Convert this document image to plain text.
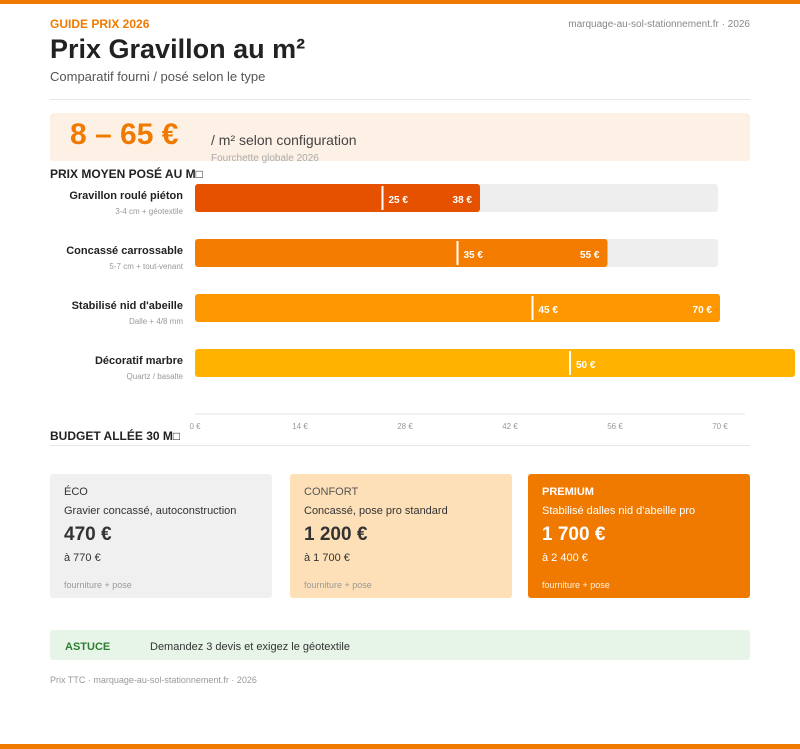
GUIDE PRIX 2026	marquage-au-sol-stationnement.fr · 2026
Prix Gravillon au m²
Comparatif fourni / posé selon le type
8 – 65 € / m² selon configuration
Fourchette globale 2026
PRIX MOYEN POSÉ AU M□
25 €	38 €
Gravillon roulé piéton
3-4 cm + géotextile
35 €	55 €
Concassé carrossable
5-7 cm + tout-venant
45 €	70 €
Stabilisé nid d'abeille
Dalle + 4/8 mm
50 €
Décoratif marbre
Quartz / basalte
0 €	14 €	28 €	42 €	56 €	70 €
BUDGET ALLÉE 30 M□
ÉCO
Gravier concassé, autoconstruction
470 €
à 770 €
fourniture + pose
CONFORT
Concassé, pose pro standard
1 200 €
à 1 700 €
fourniture + pose
PREMIUM
Stabilisé dalles nid d'abeille pro
1 700 €
à 2 400 €
fourniture + pose
ASTUCE	Demandez 3 devis et exigez le géotextile
Prix TTC · marquage-au-sol-stationnement.fr · 2026
